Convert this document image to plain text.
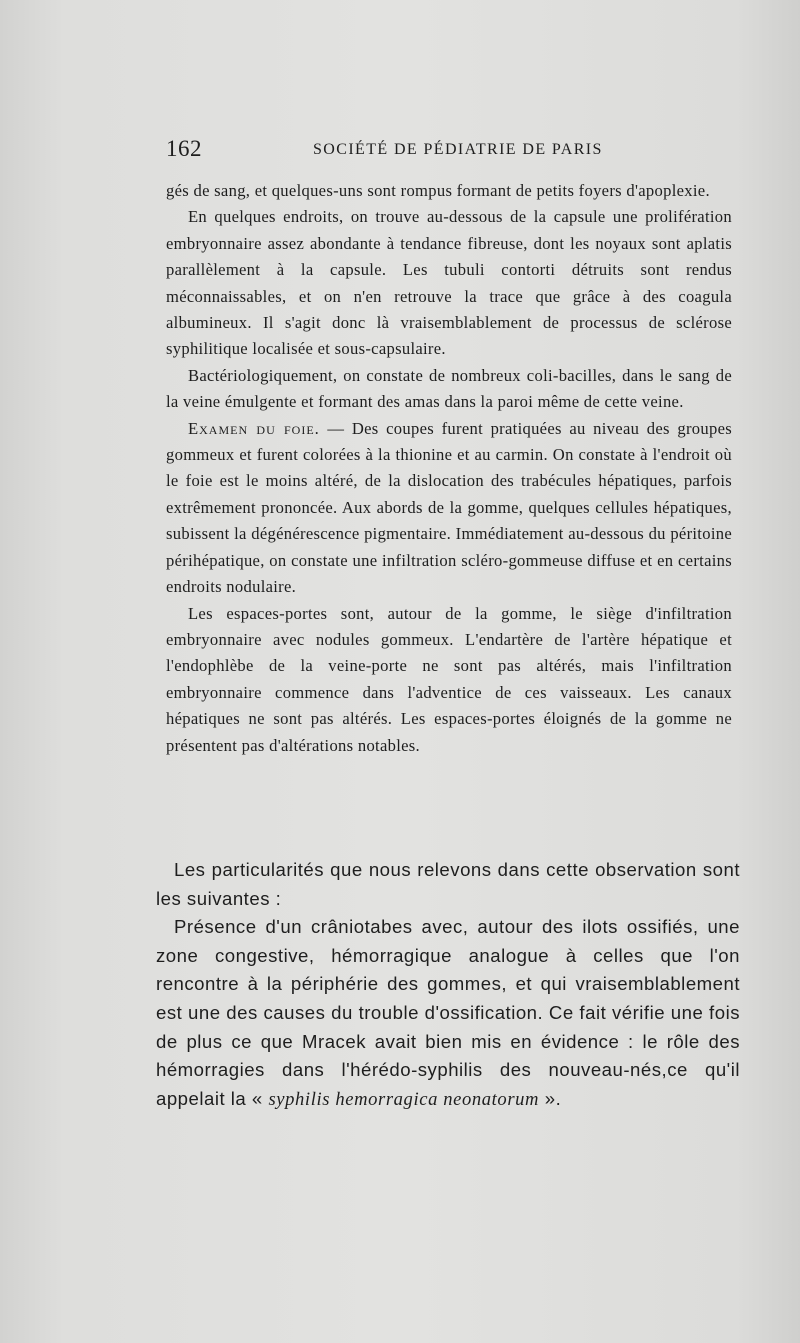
162	SOCIÉTÉ DE PÉDIATRIE DE PARIS

gés de sang, et quelques-uns sont rompus formant de petits foyers d'apoplexie.

En quelques endroits, on trouve au-dessous de la capsule une prolifération embryonnaire assez abondante à tendance fibreuse, dont les noyaux sont aplatis parallèlement à la capsule. Les tubuli contorti détruits sont rendus méconnaissables, et on n'en retrouve la trace que grâce à des coagula albumineux. Il s'agit donc là vraisemblablement de processus de sclérose syphilitique localisée et sous-capsulaire.

Bactériologiquement, on constate de nombreux coli-bacilles, dans le sang de la veine émulgente et formant des amas dans la paroi même de cette veine.

Examen du foie. — Des coupes furent pratiquées au niveau des groupes gommeux et furent colorées à la thionine et au carmin. On constate à l'endroit où le foie est le moins altéré, de la dislocation des trabécules hépatiques, parfois extrêmement prononcée. Aux abords de la gomme, quelques cellules hépatiques, subissent la dégénérescence pigmentaire. Immédiatement au-dessous du péritoine périhépatique, on constate une infiltration scléro-gommeuse diffuse et en certains endroits nodulaire.

Les espaces-portes sont, autour de la gomme, le siège d'infiltration embryonnaire avec nodules gommeux. L'endartère de l'artère hépatique et l'endophlèbe de la veine-porte ne sont pas altérés, mais l'infiltration embryonnaire commence dans l'adventice de ces vaisseaux. Les canaux hépatiques ne sont pas altérés. Les espaces-portes éloignés de la gomme ne présentent pas d'altérations notables.

Les particularités que nous relevons dans cette observation sont les suivantes :

Présence d'un crâniotabes avec, autour des ilots ossifiés, une zone congestive, hémorragique analogue à celles que l'on rencontre à la périphérie des gommes, et qui vraisemblablement est une des causes du trouble d'ossification. Ce fait vérifie une fois de plus ce que Mracek avait bien mis en évidence : le rôle des hémorragies dans l'hérédo-syphilis des nouveau-nés,ce qu'il appelait la « syphilis hemorragica neonatorum ».
